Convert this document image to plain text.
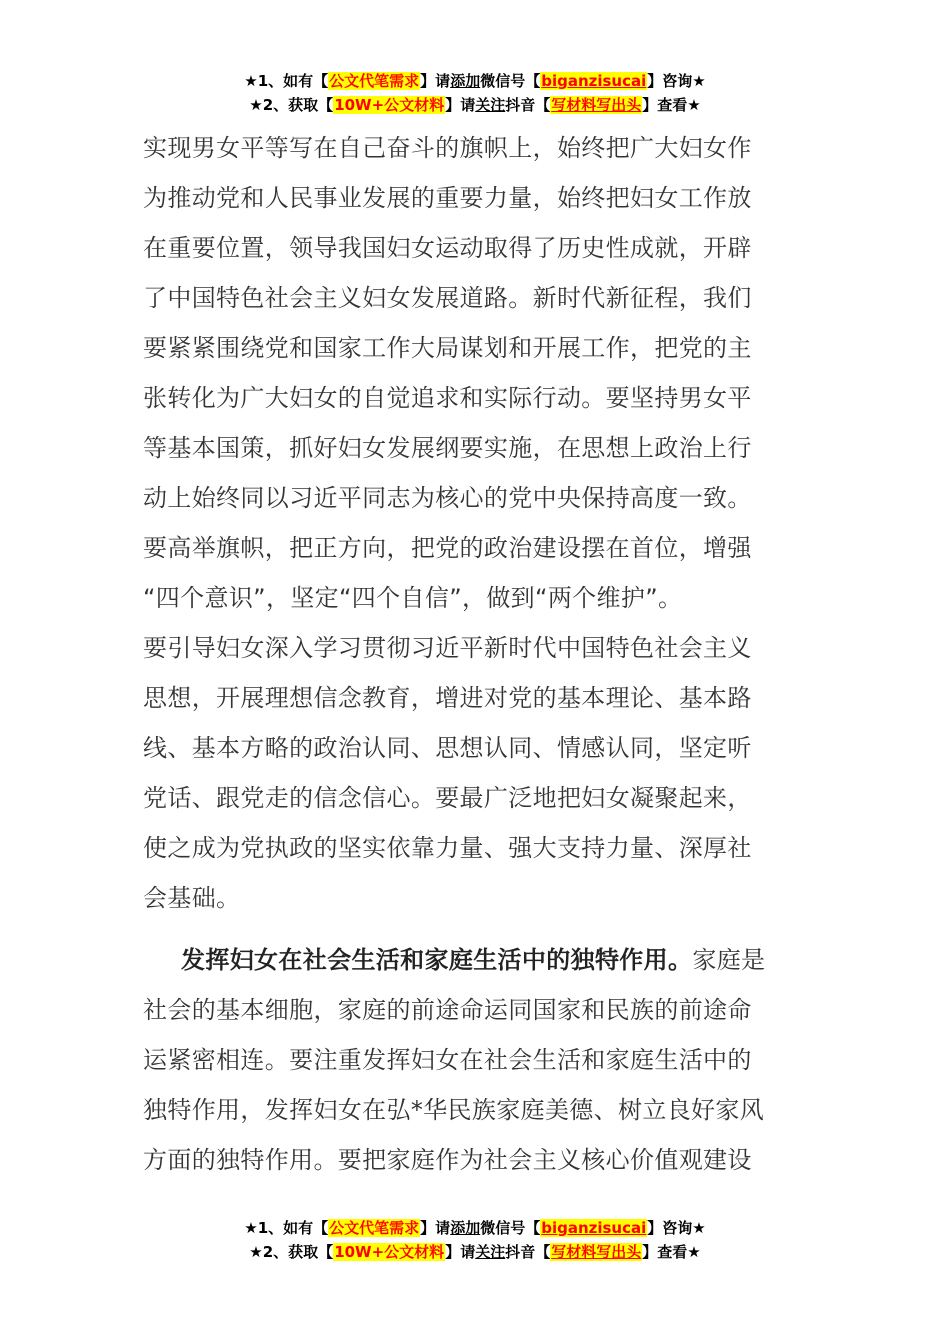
★1、如有【公文代笔需求】请添加微信号【biganzisucai】咨询★
★2、获取【10W+公文材料】请关注抖音【写材料写出头】查看★
实现男女平等写在自己奋斗的旗帜上，始终把广大妇女作
为推动党和人民事业发展的重要力量，始终把妇女工作放
在重要位置，领导我国妇女运动取得了历史性成就，开辟
了中国特色社会主义妇女发展道路。新时代新征程，我们
要紧紧围绕党和国家工作大局谋划和开展工作，把党的主
张转化为广大妇女的自觉追求和实际行动。要坚持男女平
等基本国策，抓好妇女发展纲要实施，在思想上政治上行
动上始终同以习近平同志为核心的党中央保持高度一致。
要高举旗帜，把正方向，把党的政治建设摆在首位，增强
“四个意识”，坚定“四个自信”，做到“两个维护”。
要引导妇女深入学习贯彻习近平新时代中国特色社会主义
思想，开展理想信念教育，增进对党的基本理论、基本路
线、基本方略的政治认同、思想认同、情感认同，坚定听
党话、跟党走的信念信心。要最广泛地把妇女凝聚起来，
使之成为党执政的坚实依靠力量、强大支持力量、深厚社
会基础。
发挥妇女在社会生活和家庭生活中的独特作用。家庭是
社会的基本细胞，家庭的前途命运同国家和民族的前途命
运紧密相连。要注重发挥妇女在社会生活和家庭生活中的
独特作用，发挥妇女在弘*华民族家庭美德、树立良好家风
方面的独特作用。要把家庭作为社会主义核心价值观建设
★1、如有【公文代笔需求】请添加微信号【biganzisucai】咨询★
★2、获取【10W+公文材料】请关注抖音【写材料写出头】查看★
